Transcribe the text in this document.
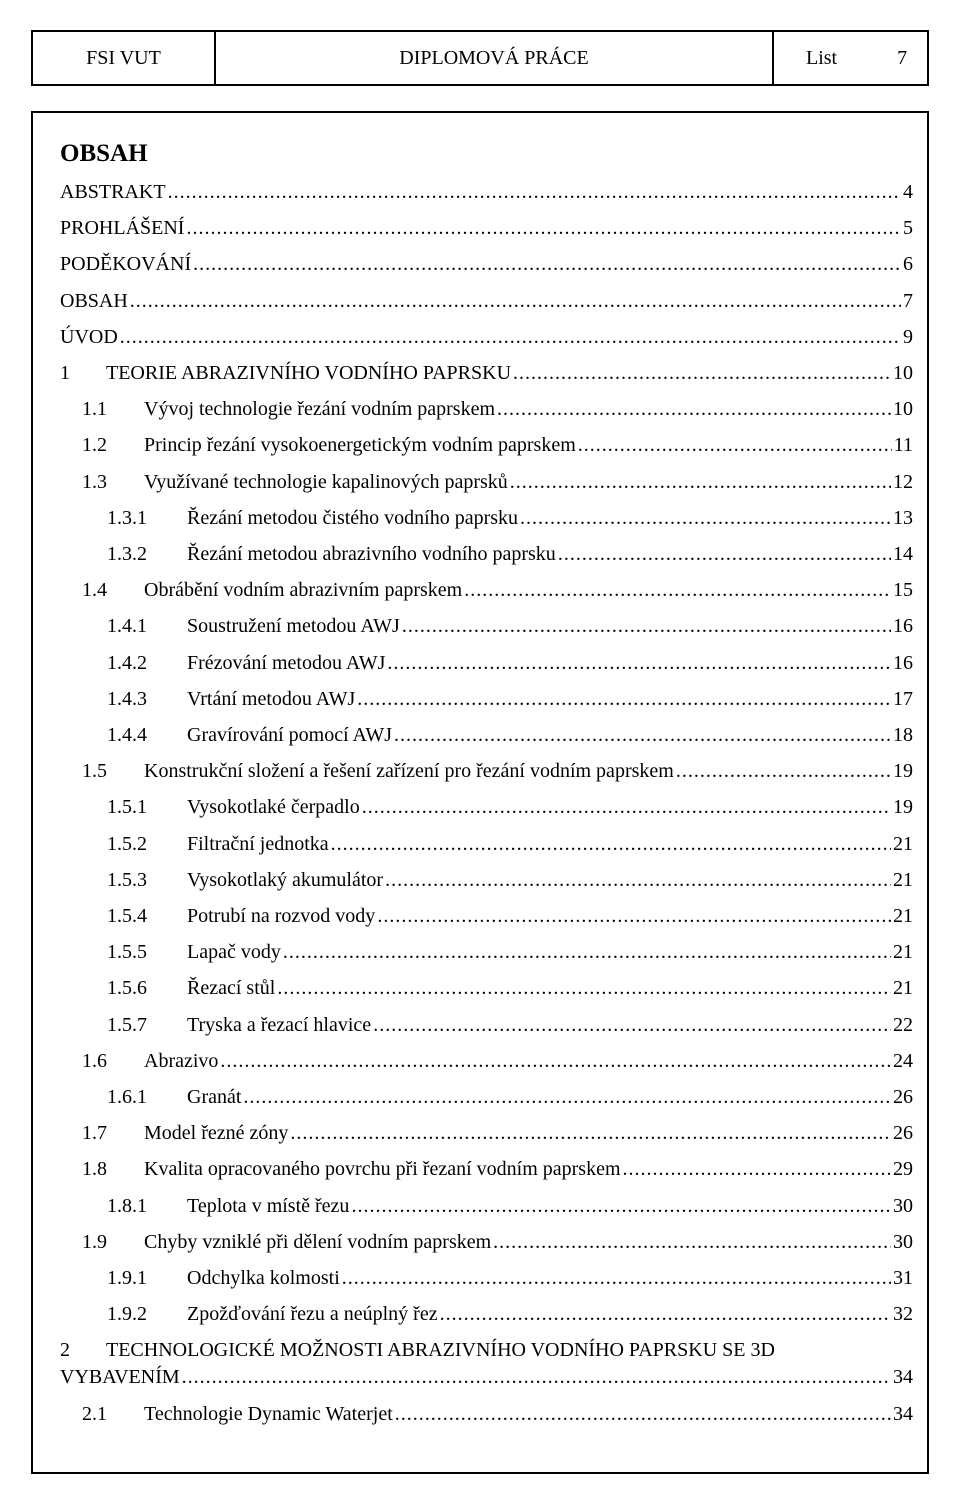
FSI VUT	DIPLOMOVÁ PRÁCE	List	7
OBSAH
ABSTRAKT .....	4
PROHLÁŠENÍ .....	5
PODĚKOVÁNÍ .....	6
OBSAH .....	7
ÚVOD .....	9
1	TEORIE ABRAZIVNÍHO VODNÍHO PAPRSKU .....	10
1.1	Vývoj technologie řezání vodním paprskem .....	10
1.2	Princip řezání vysokoenergetickým vodním paprskem .....	11
1.3	Využívané technologie kapalinových paprsků .....	12
1.3.1	Řezání metodou čistého vodního paprsku .....	13
1.3.2	Řezání metodou abrazivního vodního paprsku .....	14
1.4	Obrábění vodním abrazivním paprskem .....	15
1.4.1	Soustružení metodou AWJ .....	16
1.4.2	Frézování metodou AWJ .....	16
1.4.3	Vrtání metodou AWJ .....	17
1.4.4	Gravírování pomocí AWJ .....	18
1.5	Konstrukční složení a řešení zařízení pro řezání vodním paprskem .....	19
1.5.1	Vysokotlaké čerpadlo .....	19
1.5.2	Filtrační jednotka .....	21
1.5.3	Vysokotlaký akumulátor .....	21
1.5.4	Potrubí na rozvod vody .....	21
1.5.5	Lapač vody .....	21
1.5.6	Řezací stůl .....	21
1.5.7	Tryska a řezací hlavice .....	22
1.6	Abrazivo .....	24
1.6.1	Granát .....	26
1.7	Model řezné zóny .....	26
1.8	Kvalita opracovaného povrchu při řezaní vodním paprskem .....	29
1.8.1	Teplota v místě řezu .....	30
1.9	Chyby vzniklé při dělení vodním paprskem .....	30
1.9.1	Odchylka kolmosti .....	31
1.9.2	Zpožďování řezu a neúplný řez .....	32
2 TECHNOLOGICKÉ MOŽNOSTI ABRAZIVNÍHO VODNÍHO PAPRSKU SE 3D
VYBAVENÍM .....	34
2.1	Technologie Dynamic Waterjet .....	34
